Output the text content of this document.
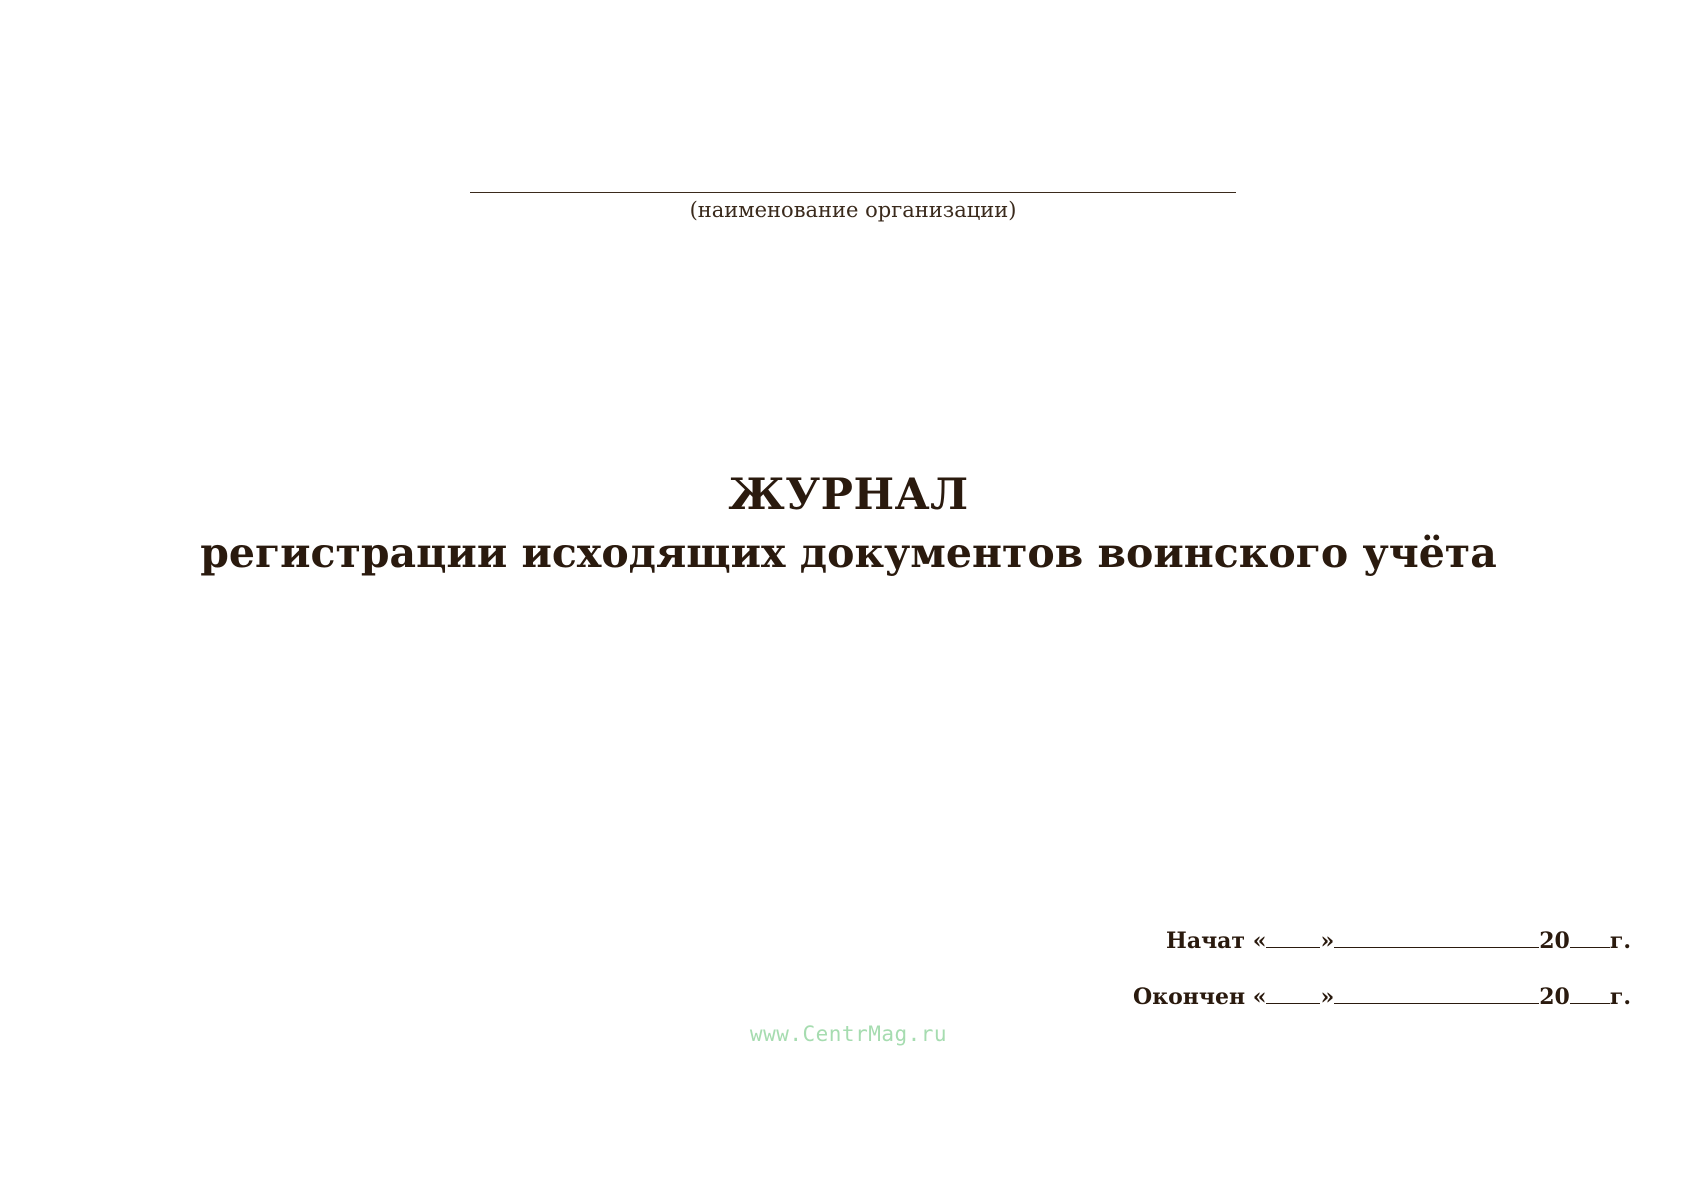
(наименование организации)
ЖУРНАЛ
регистрации исходящих документов воинского учёта
Начат
« »	20 г.
Окончен
« »	20 г.
www.CentrMag.ru
